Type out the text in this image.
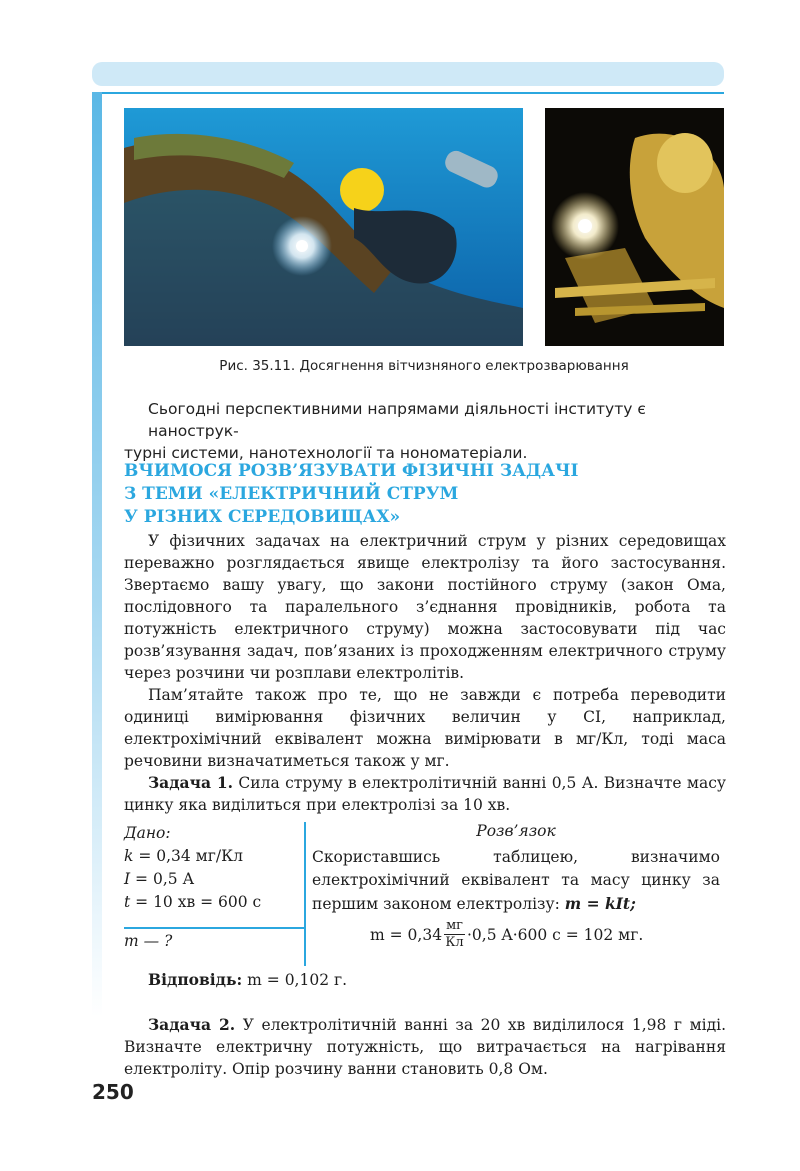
Рис. 35.11. Досягнення вітчизняного електрозварювання
Сьогодні перспективними напрямами діяльності інституту є нанострук-
турні системи, нанотехнології та нономатеріали.
ВЧИМОСЯ РОЗВ’ЯЗУВАТИ ФІЗИЧНІ ЗАДАЧІ
З ТЕМИ «ЕЛЕКТРИЧНИЙ СТРУМ
У РІЗНИХ СЕРЕДОВИЩАХ»

У фізичних задачах на електричний струм у різних середовищах переважно розглядається явище електролізу та його застосування. Звертаємо вашу увагу, що закони постійного струму (закон Ома, послідовного та паралельного з’єднання провідників, робота та потужність електричного струму) можна застосовувати під час розв’язування задач, пов’язаних із проходженням електричного струму через розчини чи розплави електролітів.

Пам’ятайте також про те, що не завжди є потреба переводити одиниці вимірювання фізичних величин у СІ, наприклад, електрохімічний еквівалент можна вимірювати в мг/Кл, тоді маса речовини визначатиметься також у мг.

Задача 1. Сила струму в електролітичній ванні 0,5 А. Визначте масу цинку яка виділиться при електролізі за 10 хв.

Дано:
k = 0,34 мг/Кл
I = 0,5 А
t = 10 хв = 600 с
m — ?
Розв’язок
Скориставшись таблицею, визначимо електрохімічний еквівалент та масу цинку за першим законом електролізу: m = kIt;
$m = 0,34 \frac{мг}{Кл} \cdot 0,5$ A·600 с = 102 мг.
Відповідь: m = 0,102 г.

Задача 2. У електролітичній ванні за 20 хв виділилося 1,98 г міді. Визначте електричну потужність, що витрачається на нагрівання електроліту. Опір розчину ванни становить 0,8 Ом.

250
